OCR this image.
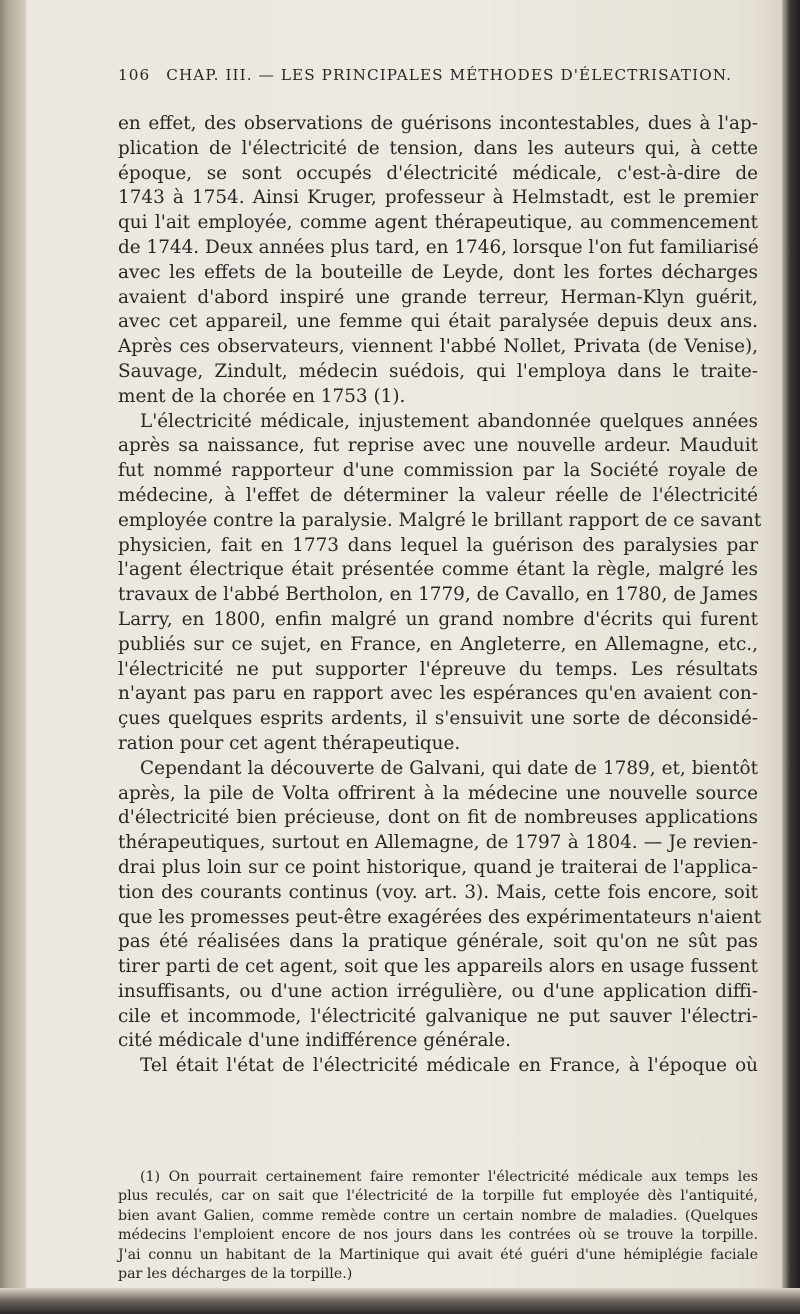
106 CHAP. III. — LES PRINCIPALES MÉTHODES D'ÉLECTRISATION.
en effet, des observations de guérisons incontestables, dues à l'ap-
plication de l'électricité de tension, dans les auteurs qui, à cette
époque, se sont occupés d'électricité médicale, c'est-à-dire de
1743 à 1754. Ainsi Kruger, professeur à Helmstadt, est le premier
qui l'ait employée, comme agent thérapeutique, au commencement
de 1744. Deux années plus tard, en 1746, lorsque l'on fut familiarisé
avec les effets de la bouteille de Leyde, dont les fortes décharges
avaient d'abord inspiré une grande terreur, Herman-Klyn guérit,
avec cet appareil, une femme qui était paralysée depuis deux ans.
Après ces observateurs, viennent l'abbé Nollet, Privata (de Venise),
Sauvage, Zindult, médecin suédois, qui l'employa dans le traite-
ment de la chorée en 1753 (1).
L'électricité médicale, injustement abandonnée quelques années
après sa naissance, fut reprise avec une nouvelle ardeur. Mauduit
fut nommé rapporteur d'une commission par la Société royale de
médecine, à l'effet de déterminer la valeur réelle de l'électricité
employée contre la paralysie. Malgré le brillant rapport de ce savant
physicien, fait en 1773 dans lequel la guérison des paralysies par
l'agent électrique était présentée comme étant la règle, malgré les
travaux de l'abbé Bertholon, en 1779, de Cavallo, en 1780, de James
Larry, en 1800, enfin malgré un grand nombre d'écrits qui furent
publiés sur ce sujet, en France, en Angleterre, en Allemagne, etc.,
l'électricité ne put supporter l'épreuve du temps. Les résultats
n'ayant pas paru en rapport avec les espérances qu'en avaient con-
çues quelques esprits ardents, il s'ensuivit une sorte de déconsidé-
ration pour cet agent thérapeutique.
Cependant la découverte de Galvani, qui date de 1789, et, bientôt
après, la pile de Volta offrirent à la médecine une nouvelle source
d'électricité bien précieuse, dont on fit de nombreuses applications
thérapeutiques, surtout en Allemagne, de 1797 à 1804. — Je revien-
drai plus loin sur ce point historique, quand je traiterai de l'applica-
tion des courants continus (voy. art. 3). Mais, cette fois encore, soit
que les promesses peut-être exagérées des expérimentateurs n'aient
pas été réalisées dans la pratique générale, soit qu'on ne sût pas
tirer parti de cet agent, soit que les appareils alors en usage fussent
insuffisants, ou d'une action irrégulière, ou d'une application diffi-
cile et incommode, l'électricité galvanique ne put sauver l'électri-
cité médicale d'une indifférence générale.
Tel était l'état de l'électricité médicale en France, à l'époque où
(1) On pourrait certainement faire remonter l'électricité médicale aux temps les
plus reculés, car on sait que l'électricité de la torpille fut employée dès l'antiquité,
bien avant Galien, comme remède contre un certain nombre de maladies. (Quelques
médecins l'emploient encore de nos jours dans les contrées où se trouve la torpille.
J'ai connu un habitant de la Martinique qui avait été guéri d'une hémiplégie faciale
par les décharges de la torpille.)
